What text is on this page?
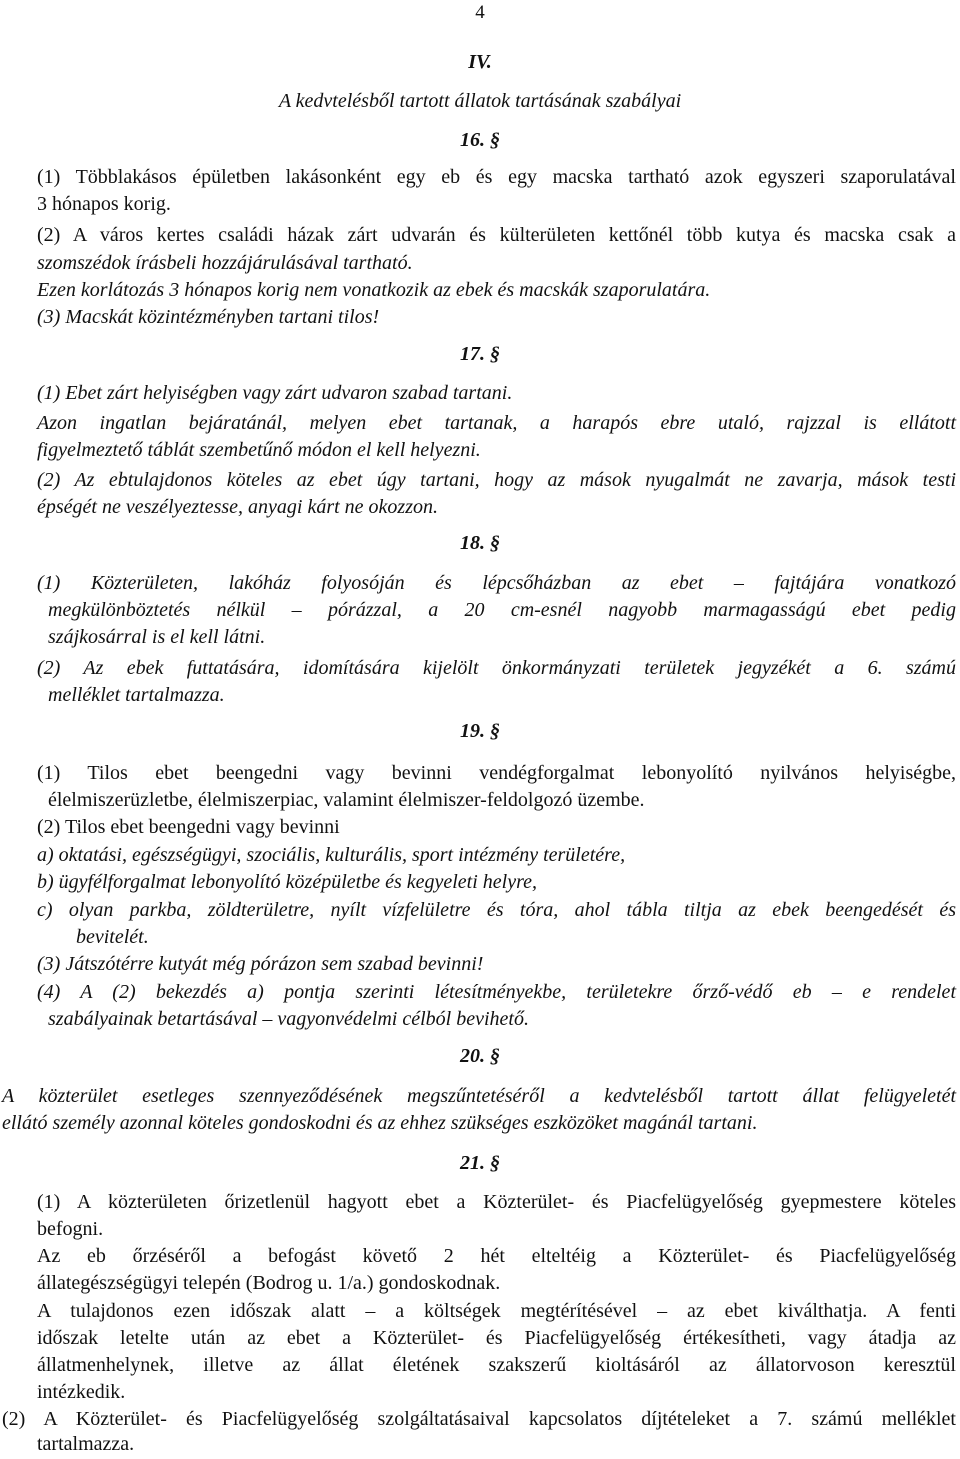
4
IV.
A kedvtelésből tartott állatok tartásának szabályai
16. §
(1) Többlakásos épületben lakásonként egy eb és egy macska tartható azok egyszeri szaporulatával
3 hónapos korig.
(2) A város kertes családi házak zárt udvarán és külterületen kettőnél több kutya és macska csak a
szomszédok írásbeli hozzájárulásával tartható.
Ezen korlátozás 3 hónapos korig nem vonatkozik az ebek és macskák szaporulatára.
(3) Macskát közintézményben tartani tilos!
17. §
(1) Ebet zárt helyiségben vagy zárt udvaron szabad tartani.
Azon ingatlan bejáratánál, melyen ebet tartanak, a harapós ebre utaló, rajzzal is ellátott
figyelmeztető táblát szembetűnő módon el kell helyezni.
(2) Az ebtulajdonos köteles az ebet úgy tartani, hogy az mások nyugalmát ne zavarja, mások testi
épségét ne veszélyeztesse, anyagi kárt ne okozzon.
18. §
(1) Közterületen, lakóház folyosóján és lépcsőházban az ebet – fajtájára vonatkozó
megkülönböztetés nélkül – pórázzal, a 20 cm-esnél nagyobb marmagasságú ebet pedig
szájkosárral is el kell látni.
(2) Az ebek futtatására, idomítására kijelölt önkormányzati területek jegyzékét a 6. számú
melléklet tartalmazza.
19. §
(1) Tilos ebet beengedni vagy bevinni vendégforgalmat lebonyolító nyilvános helyiségbe,
élelmiszerüzletbe, élelmiszerpiac, valamint élelmiszer-feldolgozó üzembe.
(2) Tilos ebet beengedni vagy bevinni
a) oktatási, egészségügyi, szociális, kulturális, sport intézmény területére,
b) ügyfélforgalmat lebonyolító középületbe és kegyeleti helyre,
c) olyan parkba, zöldterületre, nyílt vízfelületre és tóra, ahol tábla tiltja az ebek beengedését és
bevitelét.
(3) Játszótérre kutyát még pórázon sem szabad bevinni!
(4) A (2) bekezdés a) pontja szerinti létesítményekbe, területekre őrző-védő eb – e rendelet
szabályainak betartásával – vagyonvédelmi célból bevihető.
20. §
A közterület esetleges szennyeződésének megszűntetéséről a kedvtelésből tartott állat felügyeletét
ellátó személy azonnal köteles gondoskodni és az ehhez szükséges eszközöket magánál tartani.
21. §
(1) A közterületen őrizetlenül hagyott ebet a Közterület- és Piacfelügyelőség gyepmestere köteles
befogni.
Az eb őrzéséről a befogást követő 2 hét elteltéig a Közterület- és Piacfelügyelőség
állategészségügyi telepén (Bodrog u. 1/a.) gondoskodnak.
A tulajdonos ezen időszak alatt – a költségek megtérítésével – az ebet kiválthatja. A fenti
időszak letelte után az ebet a Közterület- és Piacfelügyelőség értékesítheti, vagy átadja az
állatmenhelynek, illetve az állat életének szakszerű kioltásáról az állatorvoson keresztül
intézkedik.
(2) A Közterület- és Piacfelügyelőség szolgáltatásaival kapcsolatos díjtételeket a 7. számú melléklet
tartalmazza.
